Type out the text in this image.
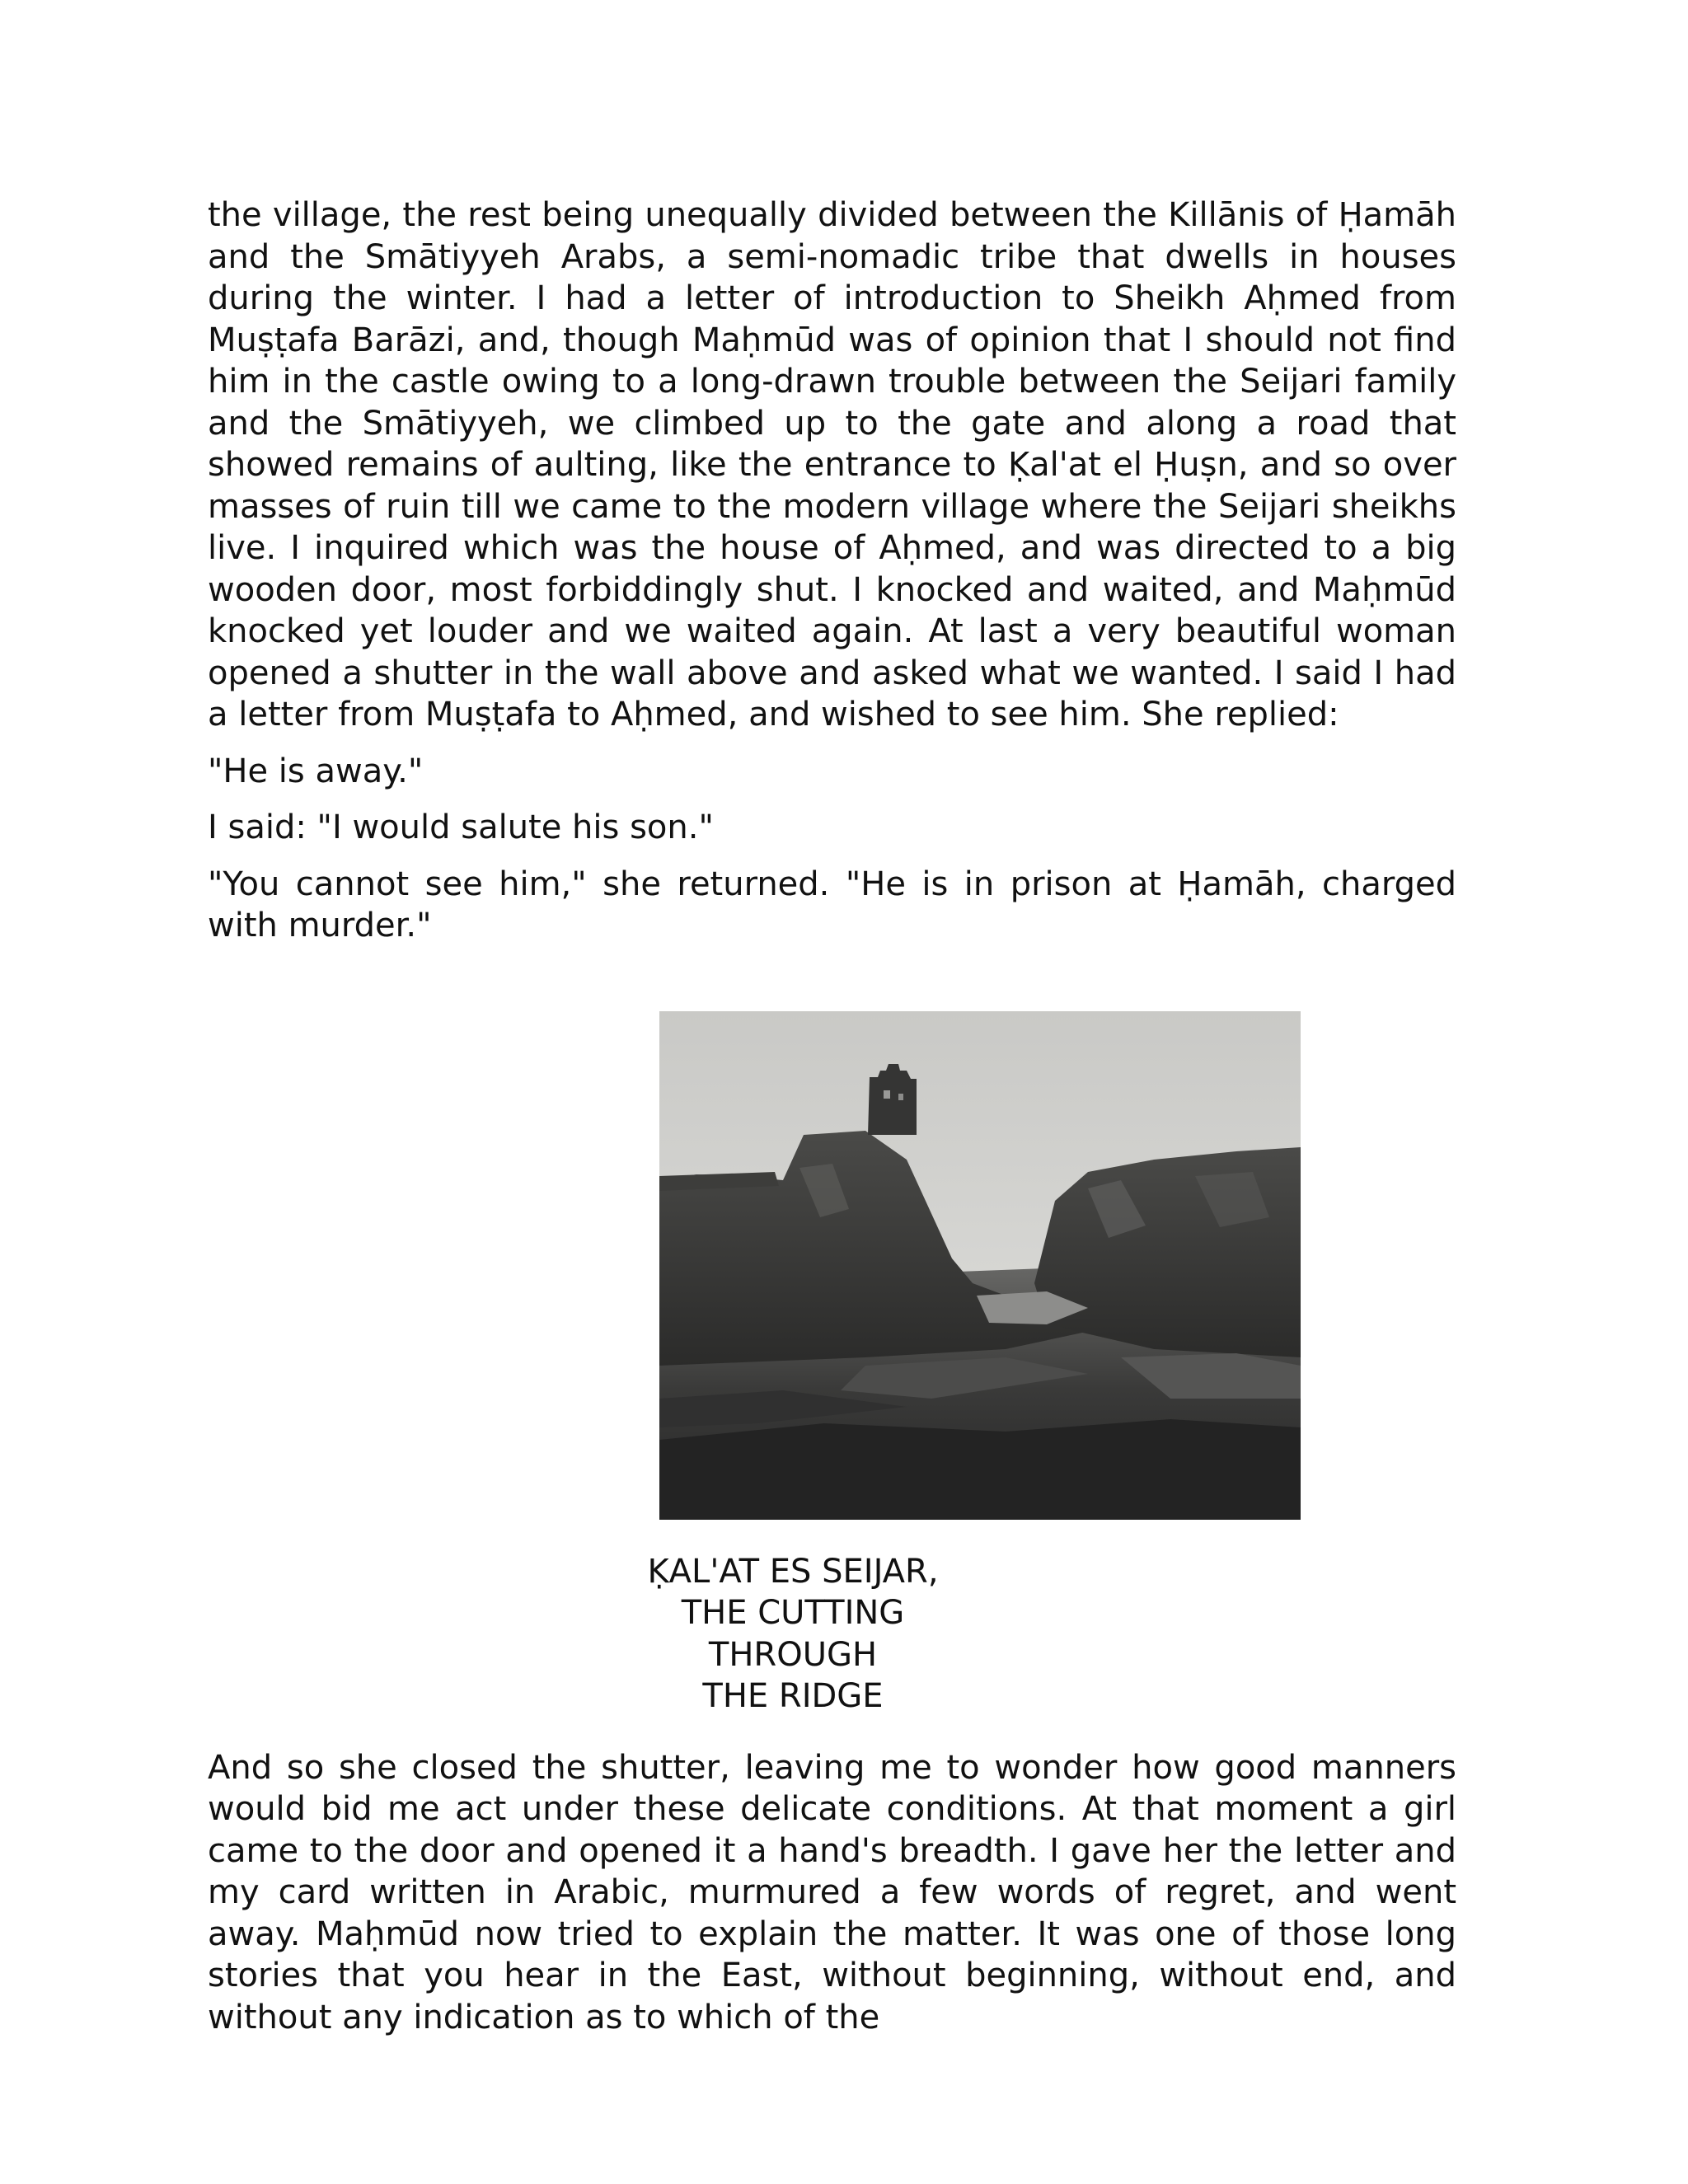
the village, the rest being unequally divided between the Killānis of Ḥamāh and the Smātiyyeh Arabs, a semi-nomadic tribe that dwells in houses during the winter. I had a letter of introduction to Sheikh Aḥmed from Muṣṭafa Barāzi, and, though Maḥmūd was of opinion that I should not find him in the castle owing to a long-drawn trouble between the Seijari family and the Smātiyyeh, we climbed up to the gate and along a road that showed remains of aulting, like the entrance to Ḳal'at el Ḥuṣn, and so over masses of ruin till we came to the modern village where the Seijari sheikhs live. I inquired which was the house of Aḥmed, and was directed to a big wooden door, most forbiddingly shut. I knocked and waited, and Maḥmūd knocked yet louder and we waited again. At last a very beautiful woman opened a shutter in the wall above and asked what we wanted. I said I had a letter from Muṣṭafa to Aḥmed, and wished to see him. She replied:

"He is away."

I said: "I would salute his son."

"You cannot see him," she returned. "He is in prison at Ḥamāh, charged with murder."

ḲAL'AT ES SEIJAR,
THE CUTTING
THROUGH
THE RIDGE

And so she closed the shutter, leaving me to wonder how good manners would bid me act under these delicate conditions. At that moment a girl came to the door and opened it a hand's breadth. I gave her the letter and my card written in Arabic, murmured a few words of regret, and went away. Maḥmūd now tried to explain the matter. It was one of those long stories that you hear in the East, without beginning, without end, and without any indication as to which of the
